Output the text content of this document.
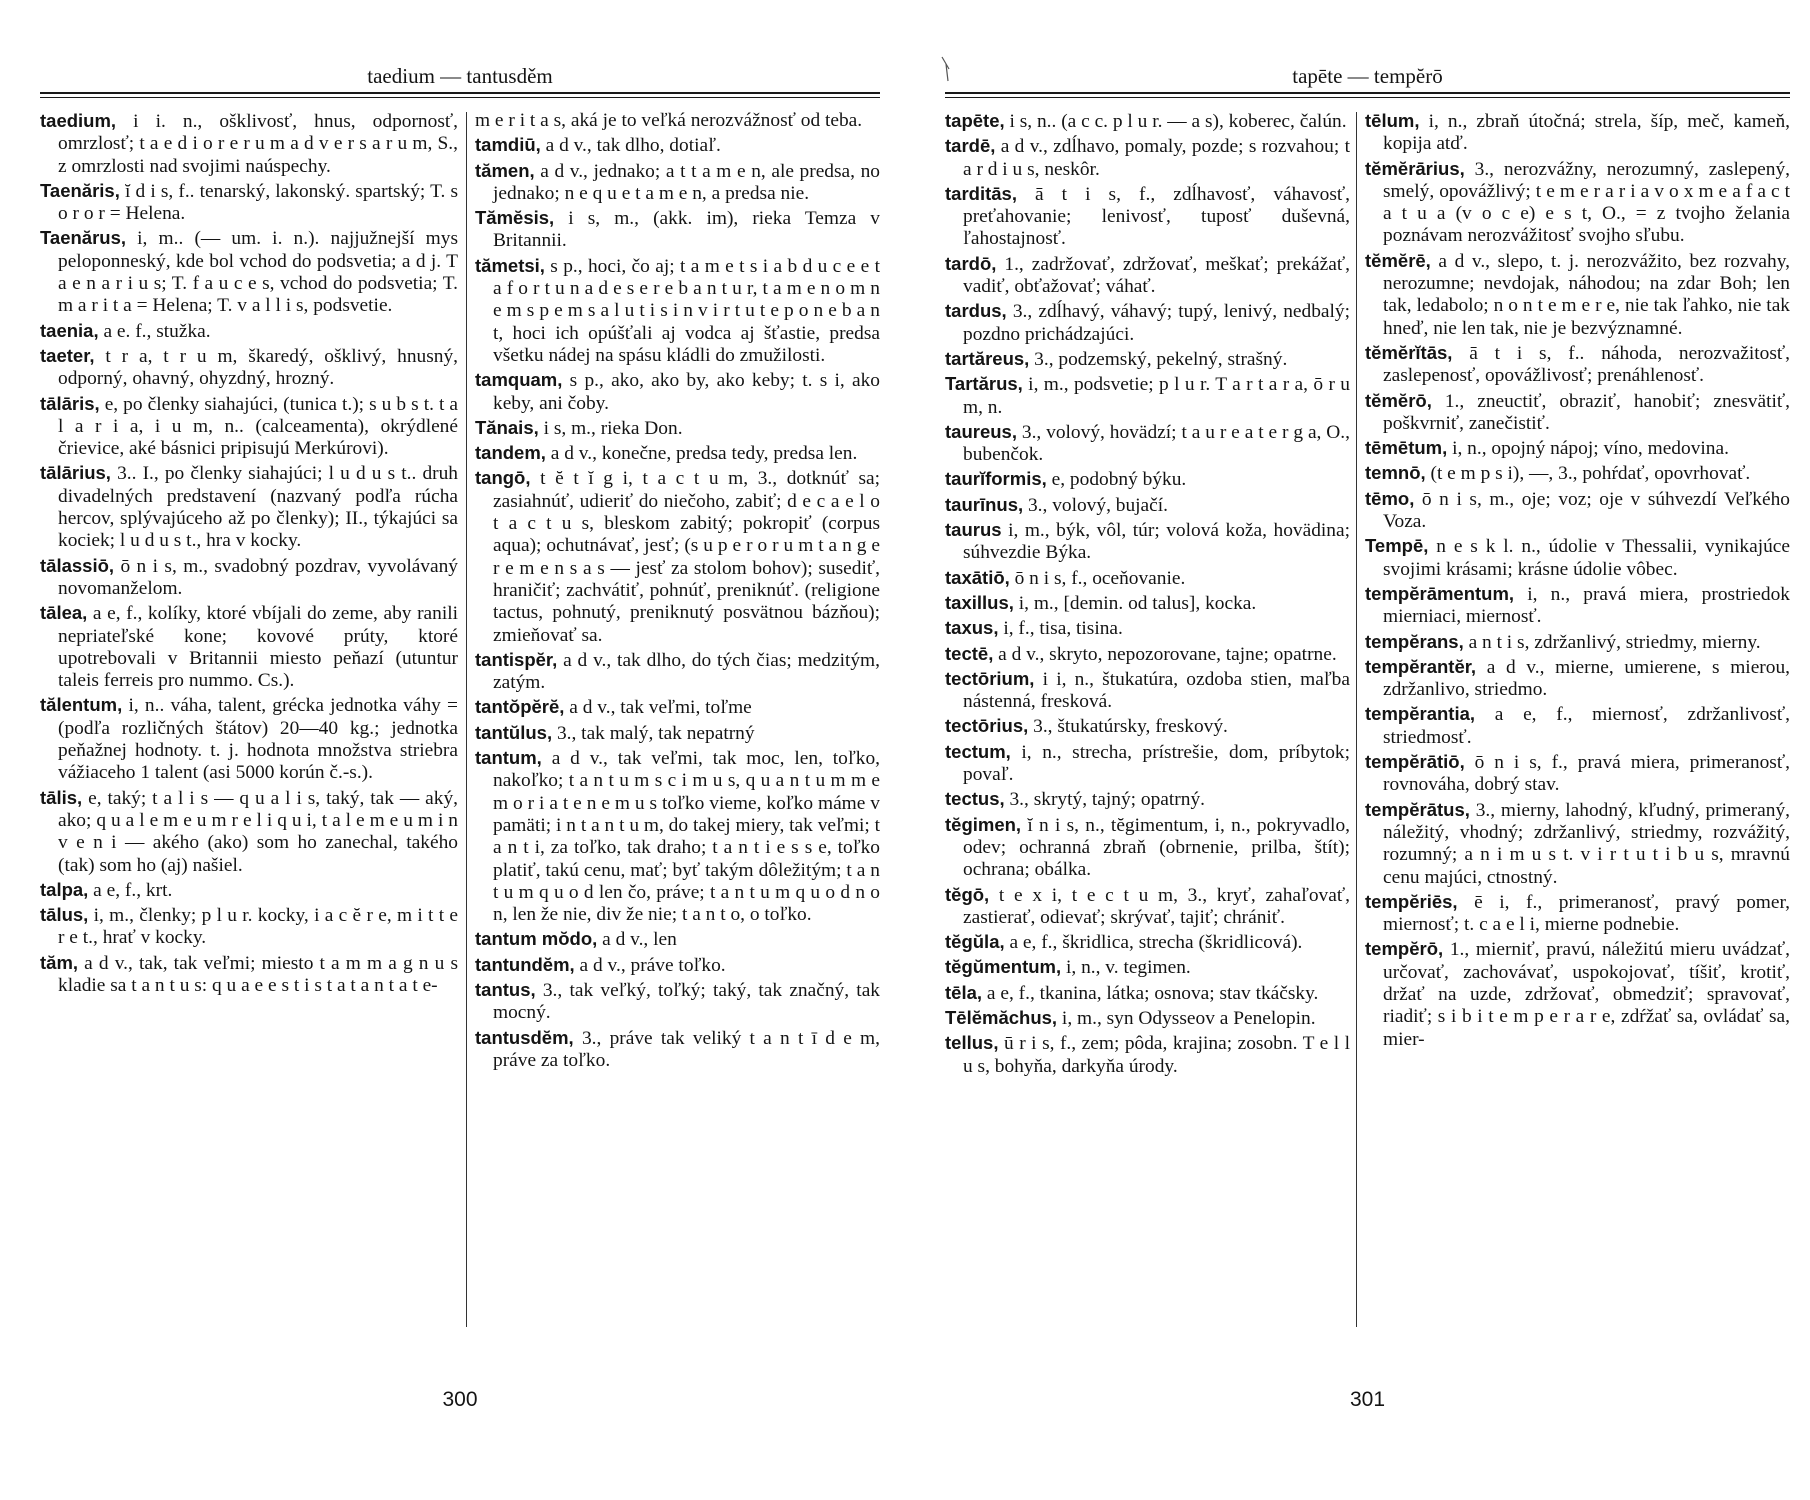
taedium — tantusděm
taedium, i i. n., ošklivosť, hnus, odpornosť, omrzlosť; t a e d i o r e r u m a d v e r s a r u m, S., z omrzlosti nad svojimi naúspechy.
Taenăris, ĭ d i s, f.. tenarský, lakonský. spartský; T. s o r o r = Helena.
Taenărus, i, m.. (— um. i. n.). najjužnejší mys peloponneský, kde bol vchod do podsvetia; a d j. T a e n a r i u s; T. f a u c e s, vchod do podsvetia; T. m a r i t a = Helena; T. v a l l i s, podsvetie.
taenia, a e. f., stužka.
taeter, t r a, t r u m, škaredý, ošklivý, hnusný, odporný, ohavný, ohyzdný, hrozný.
tālāris, e, po členky siahajúci, (tunica t.); s u b s t. t a l a r i a, i u m, n.. (calceamenta), okrýdlené črievice, aké básnici pripisujú Merkúrovi).
tālārius, 3.. I., po členky siahajúci; l u d u s t.. druh divadelných predstavení (nazvaný podľa rúcha hercov, splývajúceho až po členky); II., týkajúci sa kociek; l u d u s t., hra v kocky.
tālassiō, ō n i s, m., svadobný pozdrav, vyvolávaný novomanželom.
tālea, a e, f., kolíky, ktoré vbíjali do zeme, aby ranili nepriateľské kone; kovové prúty, ktoré upotrebovali v Britannii miesto peňazí (utuntur taleis ferreis pro nummo. Cs.).
tălentum, i, n.. váha, talent, grécka jednotka váhy = (podľa rozličných štátov) 20—40 kg.; jednotka peňažnej hodnoty. t. j. hodnota množstva striebra vážiaceho 1 talent (asi 5000 korún č.-s.).
tālis, e, taký; t a l i s — q u a l i s, taký, tak — aký, ako; q u a l e m e u m r e l i q u i, t a l e m e u m i n v e n i — akého (ako) som ho zanechal, takého (tak) som ho (aj) našiel.
talpa, a e, f., krt.
tālus, i, m., členky; p l u r. kocky, i a c ĕ r e, m i t t e r e t., hrať v kocky.
tăm, a d v., tak, tak veľmi; miesto t a m m a g n u s kladie sa t a n t u s: q u a e e s t i s t a t a n t a t e-
m e r i t a s, aká je to veľká nerozvážnosť od teba.
tamdiū, a d v., tak dlho, dotiaľ.
tămen, a d v., jednako; a t t a m e n, ale predsa, no jednako; n e q u e t a m e n, a predsa nie.
Tămĕsis, i s, m., (akk. im), rieka Temza v Britannii.
tămetsi, s p., hoci, čo aj; t a m e t s i a b d u c e e t a f o r t u n a d e s e r e b a n t u r, t a m e n o m n e m s p e m s a l u t i s i n v i r t u t e p o n e b a n t, hoci ich opúšťali aj vodca aj šťastie, predsa všetku nádej na spásu kládli do zmužilosti.
tamquam, s p., ako, ako by, ako keby; t. s i, ako keby, ani čoby.
Tănais, i s, m., rieka Don.
tandem, a d v., konečne, predsa tedy, predsa len.
tangō, t ĕ t ĭ g i, t a c t u m, 3., dotknúť sa; zasiahnúť, udieriť do niečoho, zabiť; d e c a e l o t a c t u s, bleskom zabitý; pokropiť (corpus aqua); ochutnávať, jesť; (s u p e r o r u m t a n g e r e m e n s a s — jesť za stolom bohov); susediť, hraničiť; zachvátiť, pohnúť, preniknúť. (religione tactus, pohnutý, preniknutý posvätnou bázňou); zmieňovať sa.
tantispĕr, a d v., tak dlho, do tých čias; medzitým, zatým.
tantŏpĕrĕ, a d v., tak veľmi, toľme
tantŭlus, 3., tak malý, tak nepatrný
tantum, a d v., tak veľmi, tak moc, len, toľko, nakoľko; t a n t u m s c i m u s, q u a n t u m m e m o r i a t e n e m u s toľko vieme, koľko máme v pamäti; i n t a n t u m, do takej miery, tak veľmi; t a n t i, za toľko, tak draho; t a n t i e s s e, toľko platiť, takú cenu, mať; byť takým dôležitým; t a n t u m q u o d len čo, práve; t a n t u m q u o d n o n, len že nie, div že nie; t a n t o, o toľko.
tantum mŏdo, a d v., len
tantundĕm, a d v., práve toľko.
tantus, 3., tak veľký, toľký; taký, tak značný, tak mocný.
tantusdĕm, 3., práve tak veliký t a n t ī d e m, práve za toľko.
300
tapēte — tempĕrō
tapēte, i s, n.. (a c c. p l u r. — a s), koberec, čalún.
tardē, a d v., zdĺhavo, pomaly, pozde; s rozvahou; t a r d i u s, neskôr.
tarditās, ā t i s, f., zdĺhavosť, váhavosť, preťahovanie; lenivosť, tuposť duševná, ľahostajnosť.
tardō, 1., zadržovať, zdržovať, meškať; prekážať, vadiť, obťažovať; váhať.
tardus, 3., zdĺhavý, váhavý; tupý, lenivý, nedbalý; pozdno prichádzajúci.
tartăreus, 3., podzemský, pekelný, strašný.
Tartărus, i, m., podsvetie; p l u r. T a r t a r a, ō r u m, n.
taureus, 3., volový, hovädzí; t a u r e a t e r g a, O., bubenčok.
taurĭformis, e, podobný býku.
taurīnus, 3., volový, bujačí.
taurus i, m., býk, vôl, túr; volová koža, hovädina; súhvezdie Býka.
taxātiō, ō n i s, f., oceňovanie.
taxillus, i, m., [demin. od talus], kocka.
taxus, i, f., tisa, tisina.
tectē, a d v., skryto, nepozorovane, tajne; opatrne.
tectōrium, i i, n., štukatúra, ozdoba stien, maľba nástenná, fresková.
tectōrius, 3., štukatúrsky, freskový.
tectum, i, n., strecha, prístrešie, dom, príbytok; povaľ.
tectus, 3., skrytý, tajný; opatrný.
tĕgimen, ĭ n i s, n., tĕgimentum, i, n., pokryvadlo, odev; ochranná zbraň (obrnenie, prilba, štít); ochrana; obálka.
tĕgō, t e x i, t e c t u m, 3., kryť, zahaľovať, zastierať, odievať; skrývať, tajiť; chrániť.
tĕgŭla, a e, f., škridlica, strecha (škridlicová).
tĕgŭmentum, i, n., v. tegimen.
tēla, a e, f., tkanina, látka; osnova; stav tkáčsky.
Tēlĕmăchus, i, m., syn Odysseov a Penelopin.
tellus, ū r i s, f., zem; pôda, krajina; zosobn. T e l l u s, bohyňa, darkyňa úrody.
tēlum, i, n., zbraň útočná; strela, šíp, meč, kameň, kopija atď.
tĕmĕrārius, 3., nerozvážny, nerozumný, zaslepený, smelý, opovážlivý; t e m e r a r i a v o x m e a f a c t a t u a (v o c e) e s t, O., = z tvojho želania poznávam nerozvážitosť svojho sľubu.
tĕmĕrē, a d v., slepo, t. j. nerozvážito, bez rozvahy, nerozumne; nevdojak, náhodou; na zdar Boh; len tak, ledabolo; n o n t e m e r e, nie tak ľahko, nie tak hneď, nie len tak, nie je bezvýznamné.
tĕmĕrĭtās, ā t i s, f.. náhoda, nerozvažitosť, zaslepenosť, opovážlivosť; prenáhlenosť.
tĕmĕrō, 1., zneuctiť, obraziť, hanobiť; znesvätiť, poškvrniť, zanečistiť.
tēmētum, i, n., opojný nápoj; víno, medovina.
temnō, (t e m p s i), —, 3., pohŕdať, opovrhovať.
tēmo, ō n i s, m., oje; voz; oje v súhvezdí Veľkého Voza.
Tempē, n e s k l. n., údolie v Thessalii, vynikajúce svojimi krásami; krásne údolie vôbec.
tempĕrāmentum, i, n., pravá miera, prostriedok mierniaci, miernosť.
tempĕrans, a n t i s, zdržanlivý, striedmy, mierny.
tempĕrantĕr, a d v., mierne, umierene, s mierou, zdržanlivo, striedmo.
tempĕrantia, a e, f., miernosť, zdržanlivosť, striedmosť.
tempĕrātiō, ō n i s, f., pravá miera, primeranosť, rovnováha, dobrý stav.
tempĕrātus, 3., mierny, lahodný, kľudný, primeraný, náležitý, vhodný; zdržanlivý, striedmy, rozvážitý, rozumný; a n i m u s t. v i r t u t i b u s, mravnú cenu majúci, ctnostný.
tempĕriēs, ē i, f., primeranosť, pravý pomer, miernosť; t. c a e l i, mierne podnebie.
tempĕrō, 1., mierniť, pravú, náležitú mieru uvádzať, určovať, zachovávať, uspokojovať, tíšiť, krotiť, držať na uzde, zdržovať, obmedziť; spravovať, riadiť; s i b i t e m p e r a r e, zdŕžať sa, ovládať sa, mier-
301
